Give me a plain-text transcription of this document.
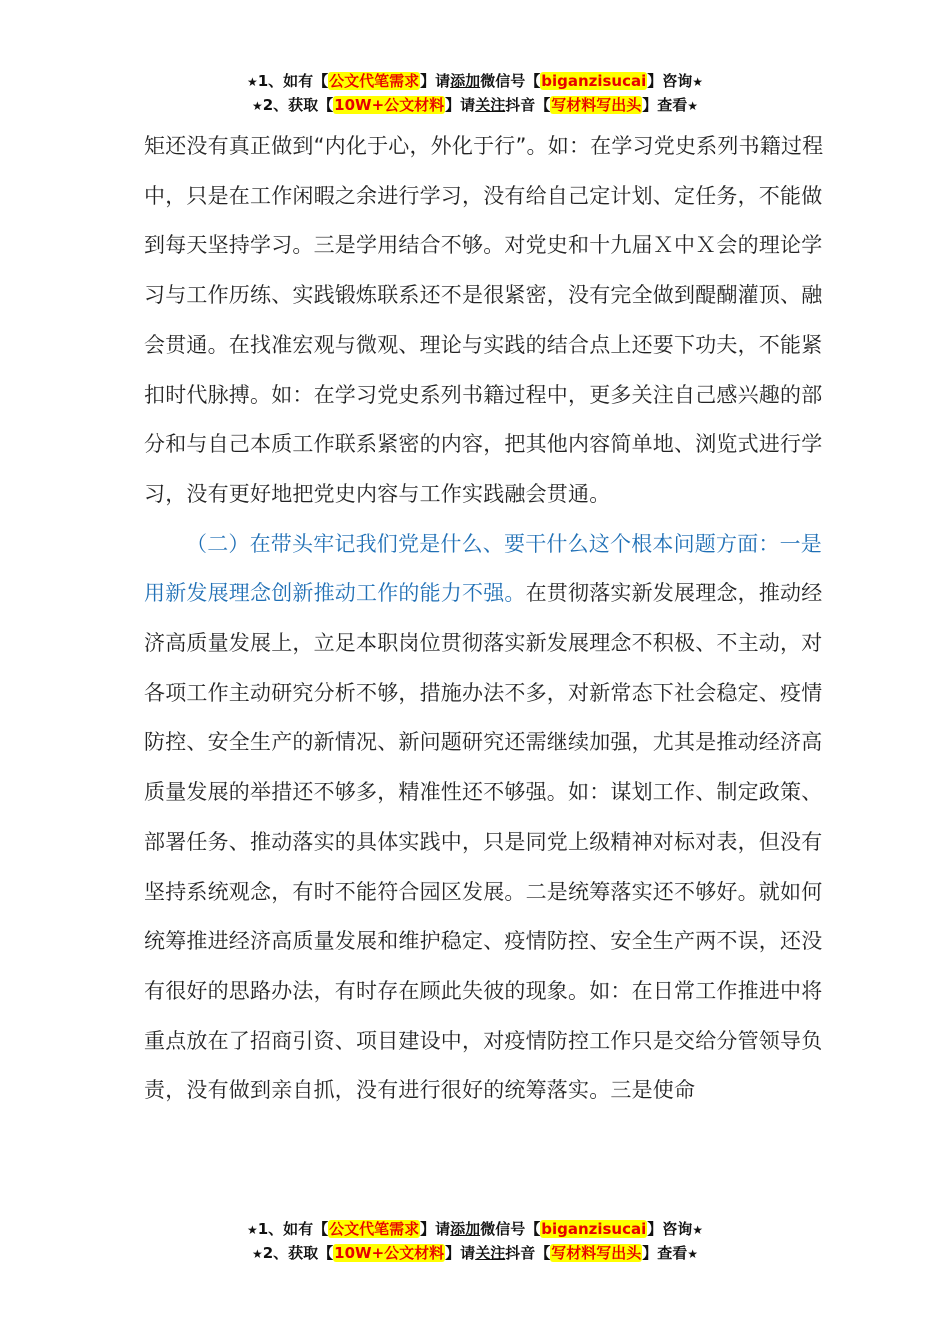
★1、如有【公文代笔需求】请添加微信号【biganzisucai】咨询★
★2、获取【10W+公文材料】请关注抖音【写材料写出头】查看★

矩还没有真正做到“内化于心，外化于行”。如：在学习党史系列书籍过程中，只是在工作闲暇之余进行学习，没有给自己定计划、定任务，不能做到每天坚持学习。三是学用结合不够。对党史和十九届Ｘ中Ｘ会的理论学习与工作历练、实践锻炼联系还不是很紧密，没有完全做到醍醐灌顶、融会贯通。在找准宏观与微观、理论与实践的结合点上还要下功夫，不能紧扣时代脉搏。如：在学习党史系列书籍过程中，更多关注自己感兴趣的部分和与自己本质工作联系紧密的内容，把其他内容简单地、浏览式进行学习，没有更好地把党史内容与工作实践融会贯通。

（二）在带头牢记我们党是什么、要干什么这个根本问题方面：一是用新发展理念创新推动工作的能力不强。在贯彻落实新发展理念，推动经济高质量发展上，立足本职岗位贯彻落实新发展理念不积极、不主动，对各项工作主动研究分析不够，措施办法不多，对新常态下社会稳定、疫情防控、安全生产的新情况、新问题研究还需继续加强，尤其是推动经济高质量发展的举措还不够多，精准性还不够强。如：谋划工作、制定政策、部署任务、推动落实的具体实践中，只是同党上级精神对标对表，但没有坚持系统观念，有时不能符合园区发展。二是统筹落实还不够好。就如何统筹推进经济高质量发展和维护稳定、疫情防控、安全生产两不误，还没有很好的思路办法，有时存在顾此失彼的现象。如：在日常工作推进中将重点放在了招商引资、项目建设中，对疫情防控工作只是交给分管领导负责，没有做到亲自抓，没有进行很好的统筹落实。三是使命

★1、如有【公文代笔需求】请添加微信号【biganzisucai】咨询★
★2、获取【10W+公文材料】请关注抖音【写材料写出头】查看★
